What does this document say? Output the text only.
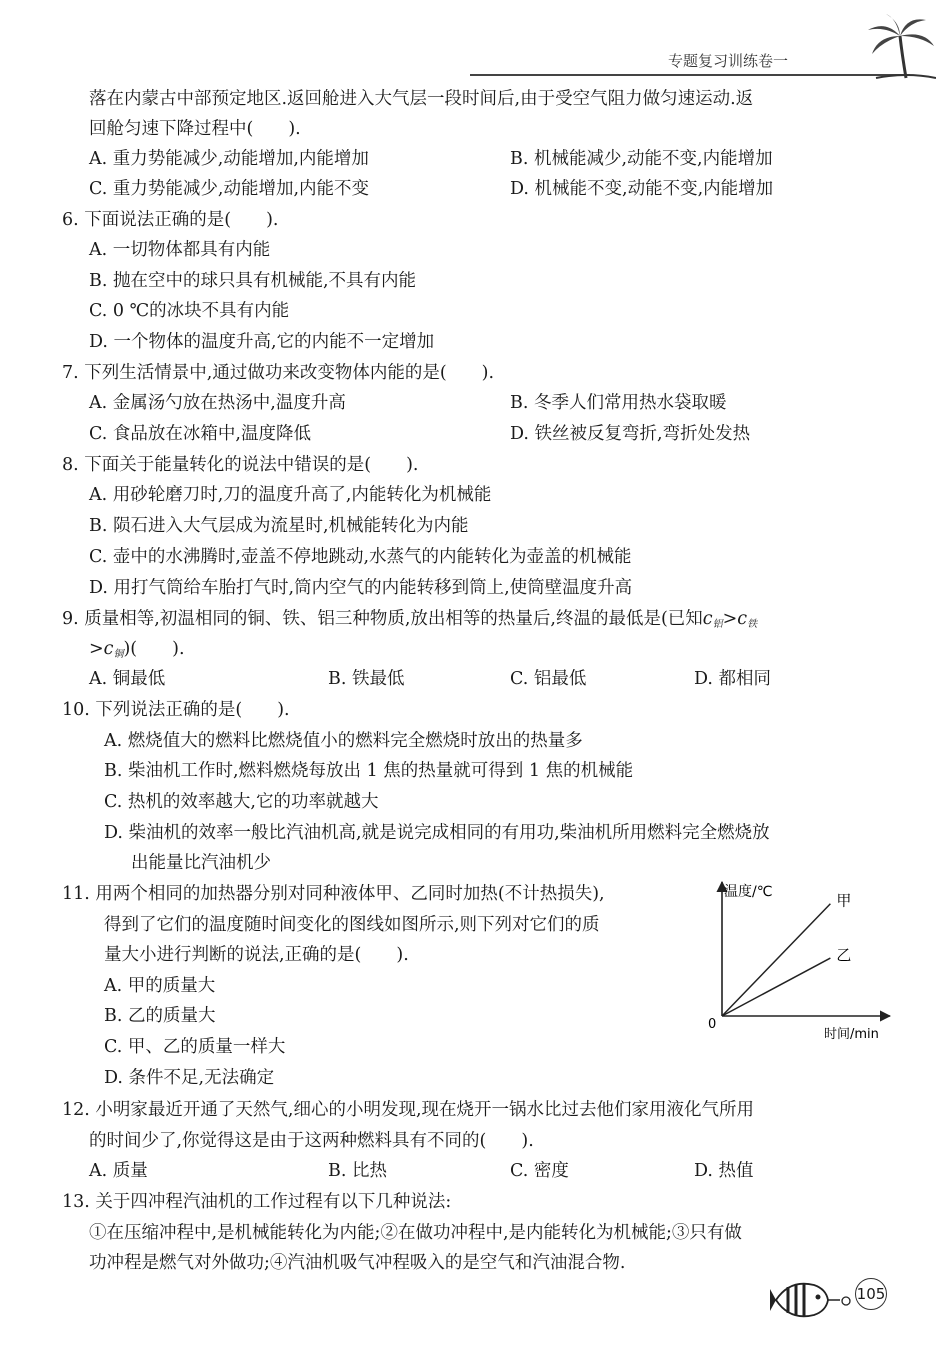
专题复习训练卷一
落在内蒙古中部预定地区.返回舱进入大气层一段时间后,由于受空气阻力做匀速运动.返
回舱匀速下降过程中(　　).
A. 重力势能减少,动能增加,内能增加	B. 机械能减少,动能不变,内能增加
C. 重力势能减少,动能增加,内能不变	D. 机械能不变,动能不变,内能增加
6. 下面说法正确的是(　　).
A. 一切物体都具有内能
B. 抛在空中的球只具有机械能,不具有内能
C. 0 ℃的冰块不具有内能
D. 一个物体的温度升高,它的内能不一定增加
7. 下列生活情景中,通过做功来改变物体内能的是(　　).
A. 金属汤勺放在热汤中,温度升高	B. 冬季人们常用热水袋取暖
C. 食品放在冰箱中,温度降低	D. 铁丝被反复弯折,弯折处发热
8. 下面关于能量转化的说法中错误的是(　　).
A. 用砂轮磨刀时,刀的温度升高了,内能转化为机械能
B. 陨石进入大气层成为流星时,机械能转化为内能
C. 壶中的水沸腾时,壶盖不停地跳动,水蒸气的内能转化为壶盖的机械能
D. 用打气筒给车胎打气时,筒内空气的内能转移到筒上,使筒壁温度升高
9. 质量相等,初温相同的铜、铁、铝三种物质,放出相等的热量后,终温的最低是(已知$c_铝>c_铁$
$>c_铜$)(　　).
A. 铜最低	B. 铁最低	C. 铝最低	D. 都相同
10. 下列说法正确的是(　　).
A. 燃烧值大的燃料比燃烧值小的燃料完全燃烧时放出的热量多
B. 柴油机工作时,燃料燃烧每放出 1 焦的热量就可得到 1 焦的机械能
C. 热机的效率越大,它的功率就越大
D. 柴油机的效率一般比汽油机高,就是说完成相同的有用功,柴油机所用燃料完全燃烧放
出能量比汽油机少
11. 用两个相同的加热器分别对同种液体甲、乙同时加热(不计热损失),
得到了它们的温度随时间变化的图线如图所示,则下列对它们的质
量大小进行判断的说法,正确的是(　　).
A. 甲的质量大
B. 乙的质量大
C. 甲、乙的质量一样大
D. 条件不足,无法确定
温度/℃
时间/min
0
甲
乙
12. 小明家最近开通了天然气,细心的小明发现,现在烧开一锅水比过去他们家用液化气所用
的时间少了,你觉得这是由于这两种燃料具有不同的(　　).
A. 质量	B. 比热	C. 密度	D. 热值
13. 关于四冲程汽油机的工作过程有以下几种说法:
①在压缩冲程中,是机械能转化为内能;②在做功冲程中,是内能转化为机械能;③只有做
功冲程是燃气对外做功;④汽油机吸气冲程吸入的是空气和汽油混合物.
105
